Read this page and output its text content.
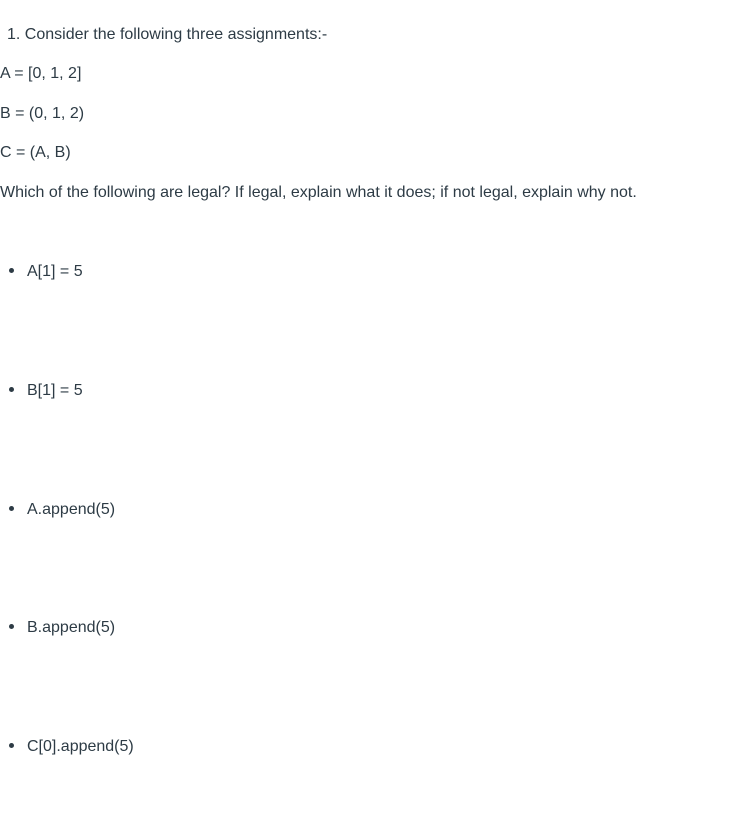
1. Consider the following three assignments:-
A = [0, 1, 2]
B = (0, 1, 2)
C = (A, B)
Which of the following are legal? If legal, explain what it does; if not legal, explain why not.
A[1] = 5
B[1] = 5
A.append(5)
B.append(5)
C[0].append(5)
